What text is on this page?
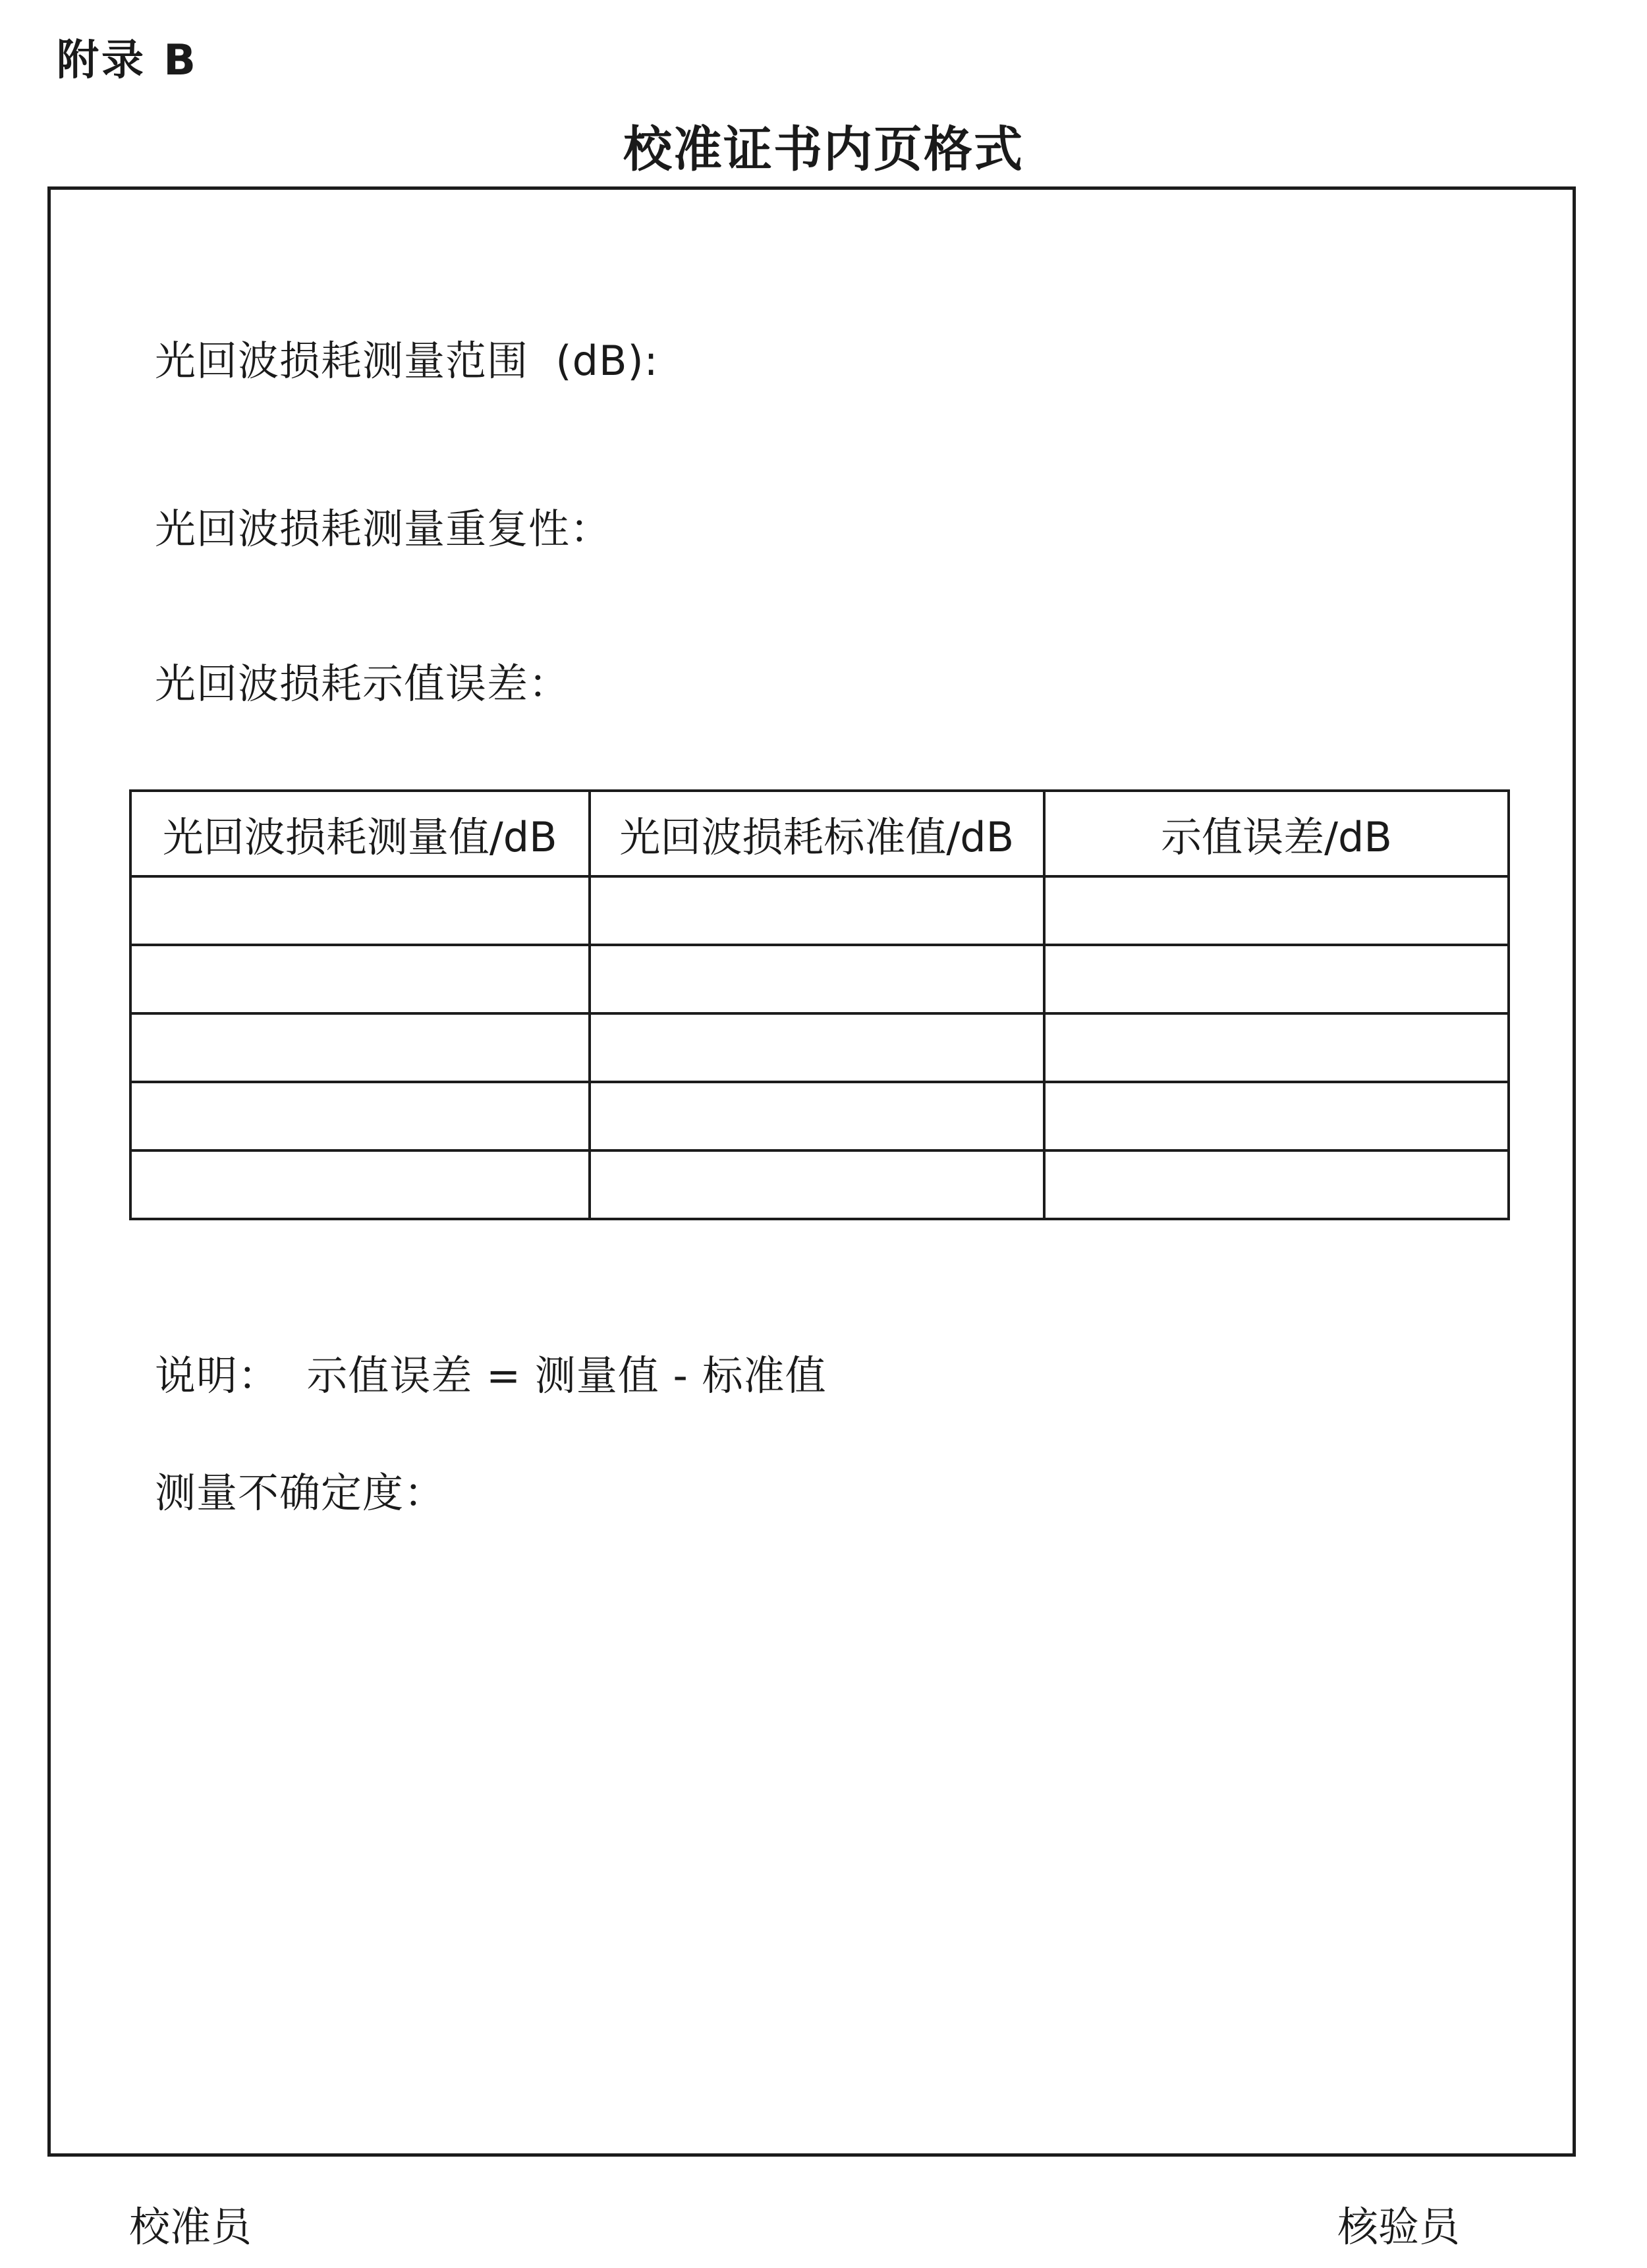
附录 B
校准证书内页格式
光回波损耗测量范围  (dB):
光回波损耗测量重复性：
光回波损耗示值误差：
光回波损耗测量值/dB	光回波损耗标准值/dB	示值误差/dB

说明：  示值误差 = 测量值 - 标准值
测量不确定度：
校准员	核验员
